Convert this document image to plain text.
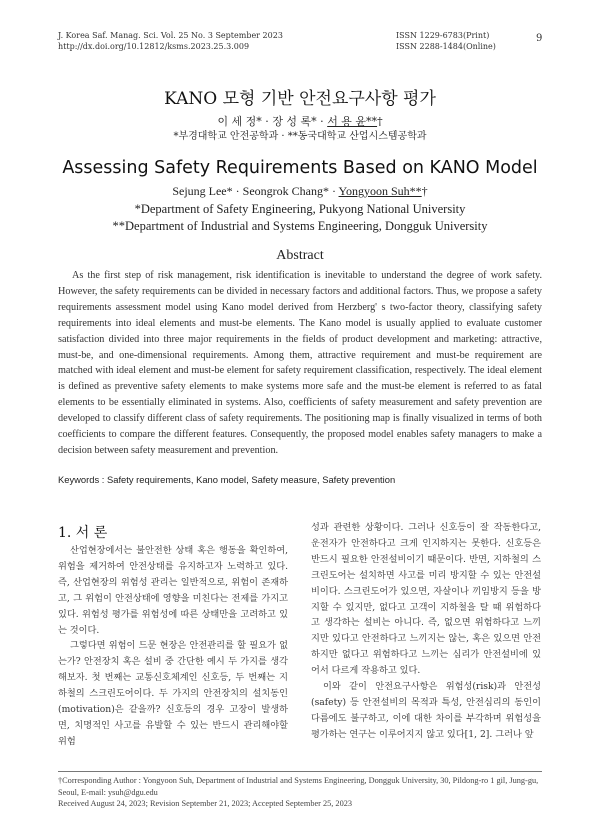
J. Korea Saf. Manag. Sci. Vol. 25 No. 3 September 2023
http://dx.doi.org/10.12812/ksms.2023.25.3.009
ISSN 1229-6783(Print)
ISSN 2288-1484(Online)
9
KANO 모형 기반 안전요구사항 평가
이 세 정* · 장 성 록* · 서 용 윤**†
*부경대학교 안전공학과 · **동국대학교 산업시스템공학과
Assessing Safety Requirements Based on KANO Model
Sejung Lee* · Seongrok Chang* · Yongyoon Suh**†
*Department of Safety Engineering, Pukyong National University
**Department of Industrial and Systems Engineering, Dongguk University
Abstract
As the first step of risk management, risk identification is inevitable to understand the degree of work safety. However, the safety requirements can be divided in necessary factors and additional factors. Thus, we propose a safety requirements assessment model using Kano model derived from Herzberg' s two-factor theory, classifying safety requirements into ideal elements and must-be elements. The Kano model is usually applied to evaluate customer satisfaction divided into three major requirements in the fields of product development and marketing: attractive, must-be, and one-dimensional requirements. Among them, attractive requirement and must-be requirement are matched with ideal element and must-be element for safety requirement classification, respectively. The ideal element is defined as preventive safety elements to make systems more safe and the must-be element is referred to as fatal elements to be essentially eliminated in systems. Also, coefficients of safety measurement and safety prevention are developed to classify different class of safety requirements. The positioning map is finally visualized in terms of both coefficients to compare the different features. Consequently, the proposed model enables safety managers to make a decision between safety measurement and prevention.
Keywords : Safety requirements, Kano model, Safety measure, Safety prevention
1. 서 론

산업현장에서는 불안전한 상태 혹은 행동을 확인하여, 위험을 제거하여 안전상태를 유지하고자 노력하고 있다. 즉, 산업현장의 위험성 관리는 일반적으로, 위험이 존재하고, 그 위험이 안전상태에 영향을 미친다는 전제를 가지고 있다. 위험성 평가를 위험성에 따른 상태만을 고려하고 있는 것이다.

그렇다면 위험이 드문 현장은 안전관리를 할 필요가 없는가? 안전장치 혹은 설비 중 간단한 예시 두 가지를 생각해보자. 첫 번째는 교통신호체계인 신호등, 두 번째는 지하철의 스크린도어이다. 두 가지의 안전장치의 설치동인(motivation)은 같을까? 신호등의 경우 고장이 발생하면, 치명적인 사고를 유발할 수 있는 반드시 관리해야할 위험

성과 관련한 상황이다. 그러나 신호등이 잘 작동한다고, 운전자가 안전하다고 크게 인지하지는 못한다. 신호등은 반드시 필요한 안전설비이기 때문이다. 반면, 지하철의 스크린도어는 설치하면 사고를 미리 방지할 수 있는 안전설비이다. 스크린도어가 있으면, 자살이나 끼임방지 등을 방지할 수 있지만, 없다고 고객이 지하철을 탈 때 위험하다고 생각하는 설비는 아니다. 즉, 없으면 위험하다고 느끼지만 있다고 안전하다고 느끼지는 않는, 혹은 있으면 안전하지만 없다고 위험하다고 느끼는 심리가 안전설비에 있어서 다르게 작용하고 있다.

이와 같이 안전요구사항은 위험성(risk)과 안전성(safety) 등 안전설비의 목적과 특성, 안전심리의 동인이 다름에도 불구하고, 이에 대한 차이를 부각하며 위험성을 평가하는 연구는 이루어지지 않고 있다[1, 2]. 그러나 앞

†Corresponding Author : Yongyoon Suh, Department of Industrial and Systems Engineering, Dongguk University, 30, Pildong-ro 1 gil, Jung-gu, Seoul, E-mail: ysuh@dgu.edu
Received August 24, 2023; Revision September 21, 2023; Accepted September 25, 2023
